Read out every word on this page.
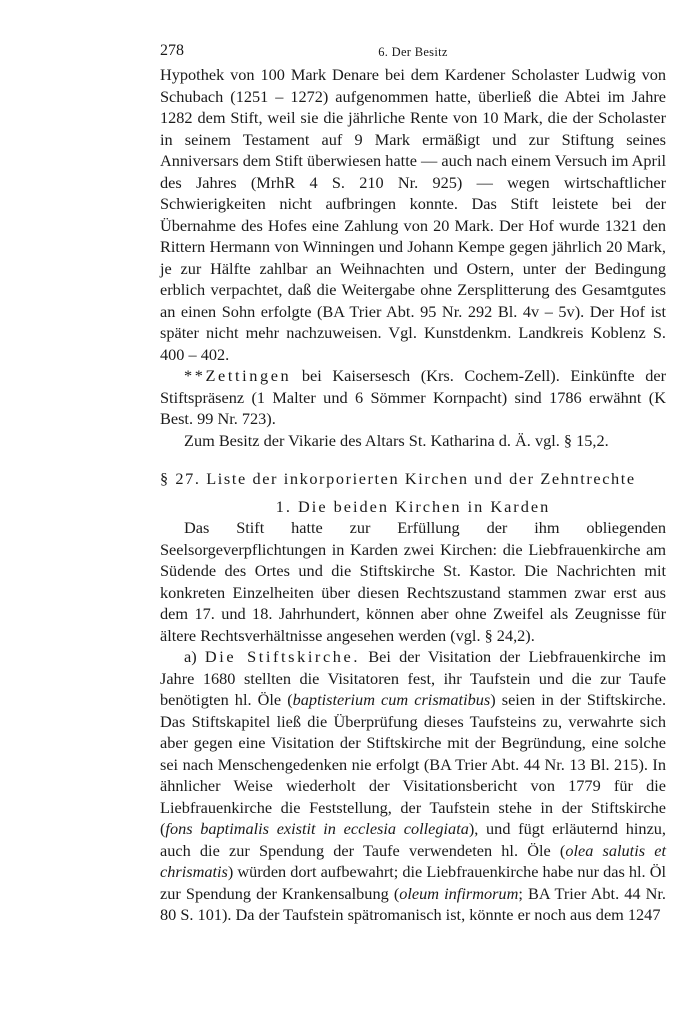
278	6. Der Besitz

Hypothek von 100 Mark Denare bei dem Kardener Scholaster Ludwig von Schubach (1251 – 1272) aufgenommen hatte, überließ die Abtei im Jahre 1282 dem Stift, weil sie die jährliche Rente von 10 Mark, die der Scholaster in seinem Testament auf 9 Mark ermäßigt und zur Stiftung seines Anniversars dem Stift überwiesen hatte — auch nach einem Versuch im April des Jahres (MrhR 4 S. 210 Nr. 925) — wegen wirtschaftlicher Schwierigkeiten nicht aufbringen konnte. Das Stift leistete bei der Übernahme des Hofes eine Zahlung von 20 Mark. Der Hof wurde 1321 den Rittern Hermann von Winningen und Johann Kempe gegen jährlich 20 Mark, je zur Hälfte zahlbar an Weihnachten und Ostern, unter der Bedingung erblich verpachtet, daß die Weitergabe ohne Zersplitterung des Gesamtgutes an einen Sohn erfolgte (BA Trier Abt. 95 Nr. 292 Bl. 4v – 5v). Der Hof ist später nicht mehr nachzuweisen. Vgl. Kunstdenkm. Landkreis Koblenz S. 400 – 402.

**Zettingen bei Kaisersesch (Krs. Cochem-Zell). Einkünfte der Stiftspräsenz (1 Malter und 6 Sömmer Kornpacht) sind 1786 erwähnt (K Best. 99 Nr. 723).

Zum Besitz der Vikarie des Altars St. Katharina d. Ä. vgl. § 15,2.

§ 27. Liste der inkorporierten Kirchen und der Zehntrechte

1. Die beiden Kirchen in Karden

Das Stift hatte zur Erfüllung der ihm obliegenden Seelsorgeverpflichtungen in Karden zwei Kirchen: die Liebfrauenkirche am Südende des Ortes und die Stiftskirche St. Kastor. Die Nachrichten mit konkreten Einzelheiten über diesen Rechtszustand stammen zwar erst aus dem 17. und 18. Jahrhundert, können aber ohne Zweifel als Zeugnisse für ältere Rechtsverhältnisse angesehen werden (vgl. § 24,2).

a) Die Stiftskirche. Bei der Visitation der Liebfrauenkirche im Jahre 1680 stellten die Visitatoren fest, ihr Taufstein und die zur Taufe benötigten hl. Öle (baptisterium cum crismatibus) seien in der Stiftskirche. Das Stiftskapitel ließ die Überprüfung dieses Taufsteins zu, verwahrte sich aber gegen eine Visitation der Stiftskirche mit der Begründung, eine solche sei nach Menschengedenken nie erfolgt (BA Trier Abt. 44 Nr. 13 Bl. 215). In ähnlicher Weise wiederholt der Visitationsbericht von 1779 für die Liebfrauenkirche die Feststellung, der Taufstein stehe in der Stiftskirche (fons baptimalis existit in ecclesia collegiata), und fügt erläuternd hinzu, auch die zur Spendung der Taufe verwendeten hl. Öle (olea salutis et chrismatis) würden dort aufbewahrt; die Liebfrauenkirche habe nur das hl. Öl zur Spendung der Krankensalbung (oleum infirmorum; BA Trier Abt. 44 Nr. 80 S. 101). Da der Taufstein spätromanisch ist, könnte er noch aus dem 1247
